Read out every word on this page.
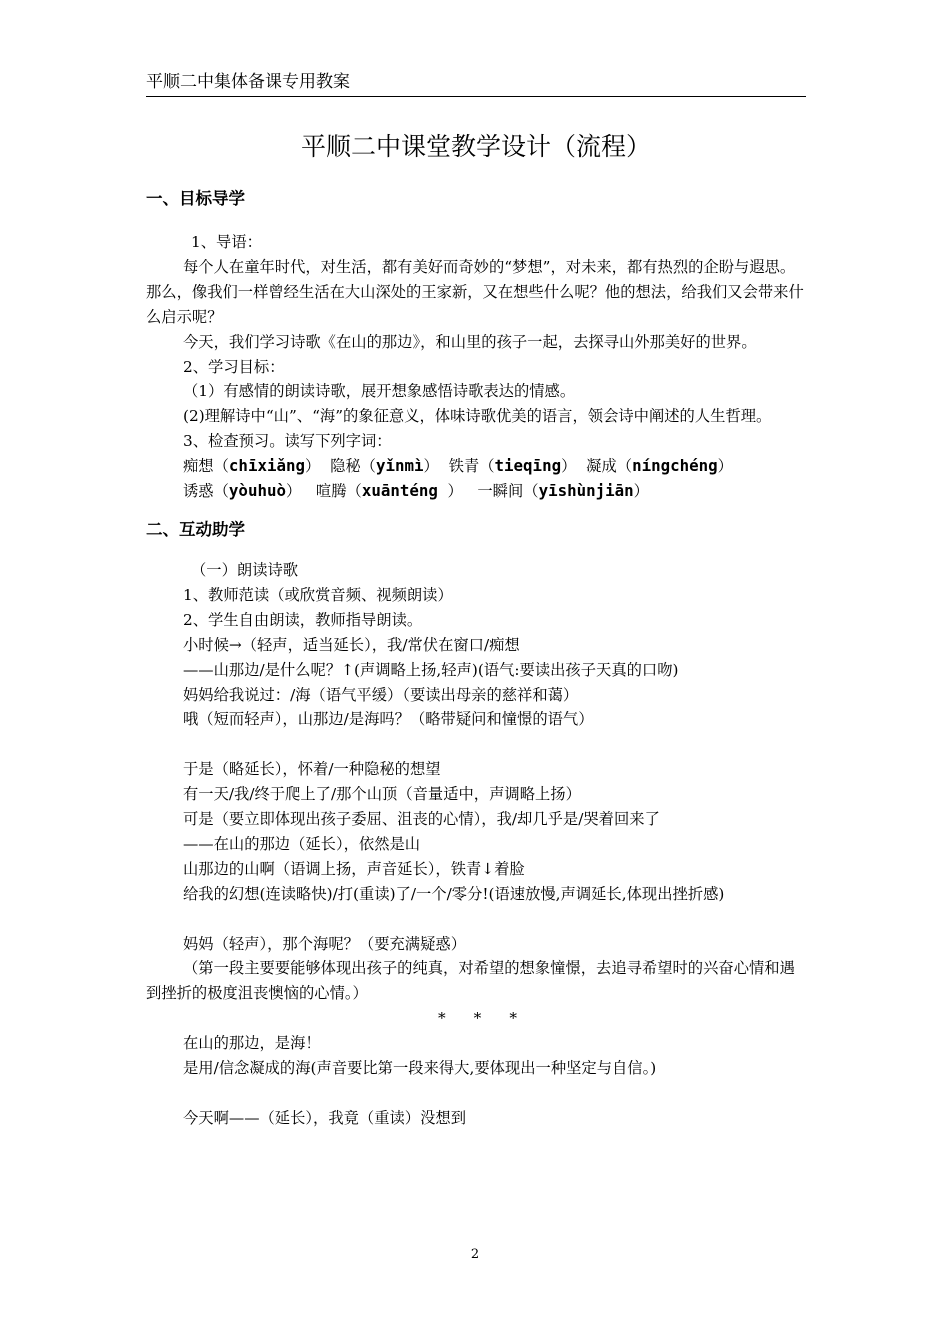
平顺二中集体备课专用教案
平顺二中课堂教学设计（流程）

一、目标导学

1、导语：

每个人在童年时代，对生活，都有美好而奇妙的“梦想”，对未来，都有热烈的企盼与遐思。那么，像我们一样曾经生活在大山深处的王家新，又在想些什么呢？他的想法，给我们又会带来什么启示呢？

今天，我们学习诗歌《在山的那边》，和山里的孩子一起，去探寻山外那美好的世界。

2、学习目标：

（1）有感情的朗读诗歌，展开想象感悟诗歌表达的情感。

(2)理解诗中“山”、“海”的象征意义，体味诗歌优美的语言，领会诗中阐述的人生哲理。

3、检查预习。读写下列字词：

痴想（chīxiǎng） 隐秘（yǐnmì） 铁青（tieqīng） 凝成（níngchéng）

诱惑（yòuhuò） 喧腾（xuānténg ） 一瞬间（yīshùnjiān）

二、互动助学

（一）朗读诗歌

1、教师范读（或欣赏音频、视频朗读）

2、学生自由朗读，教师指导朗读。

小时候→（轻声，适当延长），我/常伏在窗口/痴想

——山那边/是什么呢？↑(声调略上扬,轻声)(语气:要读出孩子天真的口吻)

妈妈给我说过：/海（语气平缓）（要读出母亲的慈祥和蔼）

哦（短而轻声），山那边/是海吗？（略带疑问和憧憬的语气）

于是（略延长），怀着/一种隐秘的想望

有一天/我/终于爬上了/那个山顶（音量适中，声调略上扬）

可是（要立即体现出孩子委屈、沮丧的心情），我/却几乎是/哭着回来了

——在山的那边（延长），依然是山

山那边的山啊（语调上扬，声音延长），铁青↓着脸

给我的幻想(连读略快)/打(重读)了/一个/零分!(语速放慢,声调延长,体现出挫折感)

妈妈（轻声），那个海呢？（要充满疑惑）

（第一段主要要能够体现出孩子的纯真，对希望的想象憧憬，去追寻希望时的兴奋心情和遇到挫折的极度沮丧懊恼的心情。）

* * *

在山的那边，是海！

是用/信念凝成的海(声音要比第一段来得大,要体现出一种坚定与自信。)

今天啊——（延长），我竟（重读）没想到

2
